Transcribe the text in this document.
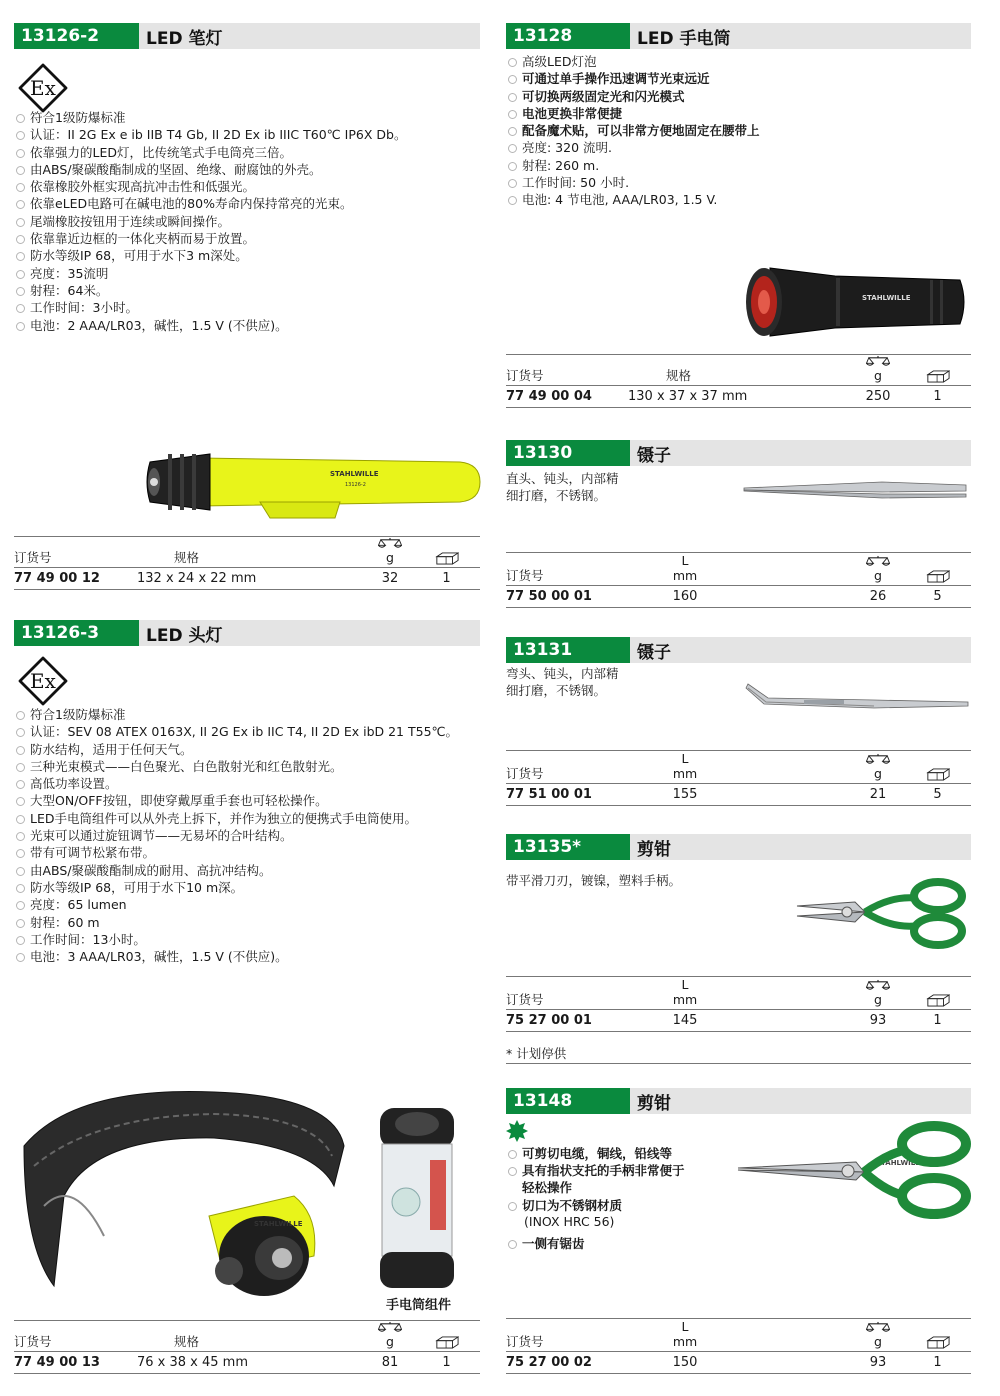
13126-2	LED 笔灯
符合1级防爆标准
认证：II 2G Ex e ib IIB T4 Gb, II 2D Ex ib IIIC T60℃ IP6X Db。
依靠强力的LED灯，比传统笔式手电筒亮三倍。
由ABS/聚碳酸酯制成的坚固、绝缘、耐腐蚀的外壳。
依靠橡胶外框实现高抗冲击性和低强光。
依靠eLED电路可在碱电池的80%寿命内保持常亮的光束。
尾端橡胶按钮用于连续或瞬间操作。
依靠靠近边框的一体化夹柄而易于放置。
防水等级IP 68，可用于水下3 m深处。
亮度：35流明
射程：64米。
工作时间：3小时。
电池：2 AAA/LR03，碱性，1.5 V (不供应)。
STAHLWILLE
13126-2
订货号	规格	g	

77 49 00 12	132 x 24 x 22 mm	32	1
13126-3	LED 头灯
符合1级防爆标准
认证：SEV 08 ATEX 0163X, II 2G Ex ib IIC T4, II 2D Ex ibD 21 T55℃。
防水结构，适用于任何天气。
三种光束模式——白色聚光、白色散射光和红色散射光。
高低功率设置。
大型ON/OFF按钮，即使穿戴厚重手套也可轻松操作。
LED手电筒组件可以从外壳上拆下，并作为独立的便携式手电筒使用。
光束可以通过旋钮调节——无易坏的合叶结构。
带有可调节松紧布带。
由ABS/聚碳酸酯制成的耐用、高抗冲结构。
防水等级IP 68，可用于水下10 m深。
亮度：65 lumen
射程：60 m
工作时间：13小时。
电池：3 AAA/LR03，碱性，1.5 V (不供应)。
STAHLWILLE
手电筒组件
订货号	规格	g	

77 49 00 13	76 x 38 x 45 mm	81	1
13128	LED 手电筒
高级LED灯泡
可通过单手操作迅速调节光束远近
可切换两级固定光和闪光模式
电池更换非常便捷
配备魔术贴，可以非常方便地固定在腰带上
亮度: 320 流明.
射程: 260 m.
工作时间: 50 小时.
电池: 4 节电池, AAA/LR03, 1.5 V.
STAHLWILLE
订货号	规格	g	

77 49 00 04	130 x 37 x 37 mm	250	1
13130	镊子
直头、钝头，内部精
细打磨，不锈钢。
订货号	L
mm		g	

77 50 00 01	160		26	5
13131	镊子
弯头、钝头，内部精
细打磨，不锈钢。
订货号	L
mm		g	

77 51 00 01	155		21	5
13135*	剪钳
带平滑刀刃，镀镍，塑料手柄。
订货号	L
mm		g	

75 27 00 01	145		93	1
* 计划停供
13148	剪钳
可剪切电缆，铜线，铅线等
具有指状支托的手柄非常便于
轻松操作
切口为不锈钢材质
(INOX HRC 56)
一侧有锯齿
STAHLWILLE
订货号	L
mm		g	

75 27 00 02	150		93	1
